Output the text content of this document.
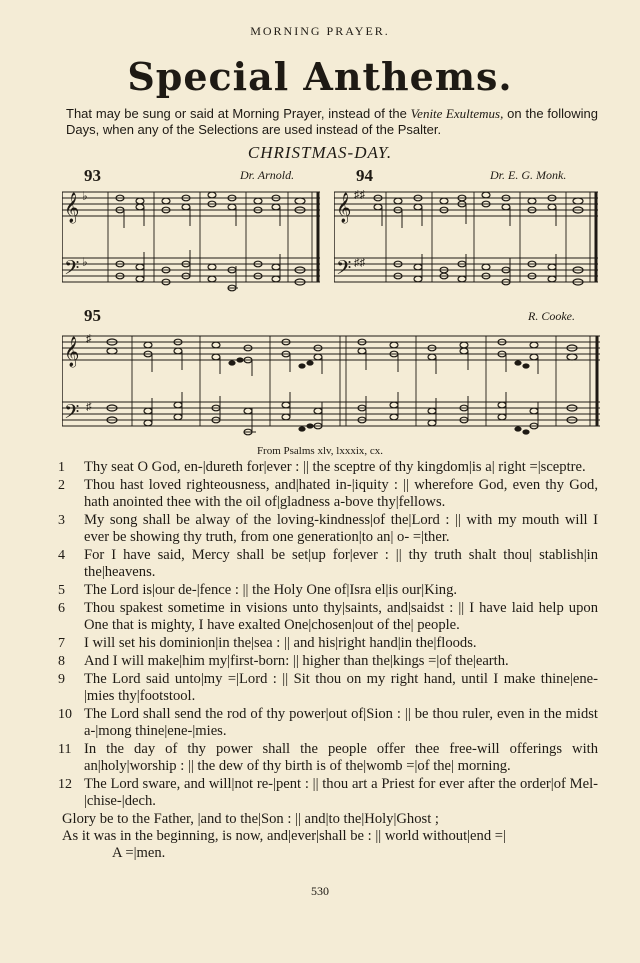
MORNING PRAYER.
Special Anthems.
That may be sung or said at Morning Prayer, instead of the Venite Exultemus, on the following Days, when any of the Selections are used instead of the Psalter.
CHRISTMAS-DAY.
93	Dr. Arnold.
𝄞
𝄢
♭
♭
94	Dr. E. G. Monk.
𝄞
𝄢
♯♯
♯♯
95	R. Cooke.
𝄞
𝄢
♯
♯
From Psalms xlv, lxxxix, cx.
1	Thy seat O God, en-|dureth for|ever : || the sceptre of thy kingdom|is a| right =|sceptre.
2	Thou hast loved righteousness, and|hated in-|iquity : || wherefore God, even thy God, hath anointed thee with the oil of|gladness a-bove thy|fellows.
3	My song shall be alway of the loving-kindness|of the|Lord : || with my mouth will I ever be showing thy truth, from one generation|to an| o- =|ther.
4	For I have said, Mercy shall be set|up for|ever : || thy truth shalt thou| stablish|in the|heavens.
5	The Lord is|our de-|fence : || the Holy One of|Isra el|is our|King.
6	Thou spakest sometime in visions unto thy|saints, and|saidst : || I have laid help upon One that is mighty, I have exalted One|chosen|out of the| people.
7	I will set his dominion|in the|sea : || and his|right hand|in the|floods.
8	And I will make|him my|first-born: || higher than the|kings =|of the|earth.
9	The Lord said unto|my =|Lord : || Sit thou on my right hand, until I make thine|ene-|mies thy|footstool.
10 The Lord shall send the rod of thy power|out of|Sion : || be thou ruler, even in the midst a-|mong thine|ene-|mies.
11 In the day of thy power shall the people offer thee free-will offerings with an|holy|worship : || the dew of thy birth is of the|womb =|of the| morning.
12 The Lord sware, and will|not re-|pent : || thou art a Priest for ever after the order|of Mel-|chise-|dech.

Glory be to the Father, |and to the|Son : || and|to the|Holy|Ghost ;

As it was in the beginning, is now, and|ever|shall be : || world without|end =|

A =|men.

530
